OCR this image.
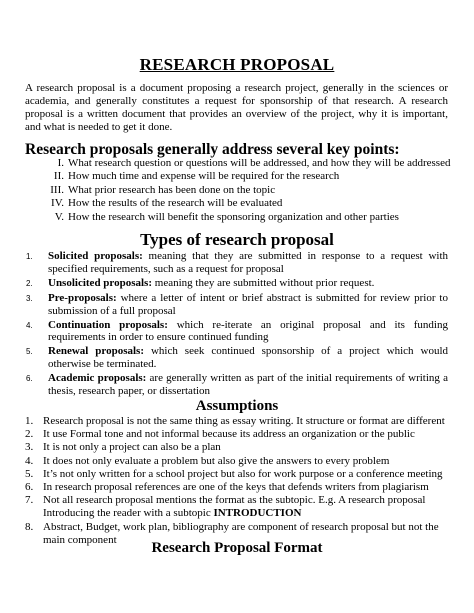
RESEARCH PROPOSAL

A research proposal is a document proposing a research project, generally in the sciences or academia, and generally constitutes a request for sponsorship of that research. A research proposal is a written document that provides an overview of the project, why it is important, and what is needed to get it done.

Research proposals generally address several key points:
I. What research question or questions will be addressed, and how they will be addressed
II. How much time and expense will be required for the research
III. What prior research has been done on the topic
IV. How the results of the research will be evaluated
V. How the research will benefit the sponsoring organization and other parties
Types of research proposal
1.	Solicited proposals: meaning that they are submitted in response to a request with specified requirements, such as a request for proposal
2.	Unsolicited proposals: meaning they are submitted without prior request.
3.	Pre-proposals: where a letter of intent or brief abstract is submitted for review prior to submission of a full proposal
4.	Continuation proposals: which re-iterate an original proposal and its funding requirements in order to ensure continued funding
5.	Renewal proposals: which seek continued sponsorship of a project which would otherwise be terminated.
6.	Academic proposals: are generally written as part of the initial requirements of writing a thesis, research paper, or dissertation
Assumptions
1. Research proposal is not the same thing as essay writing. It structure or format are different
2. It use Formal tone and not informal because its address an organization or the public
3. It is not only a project can also be a plan
4. It does not only evaluate a problem but also give the answers to every problem
5. It’s not only written for a school project but also for work purpose or a conference meeting
6. In research proposal references are one of the keys that defends writers from plagiarism
7. Not all research proposal mentions the format as the subtopic. E.g. A research proposal Introducing the reader with a subtopic INTRODUCTION
8. Abstract, Budget, work plan, bibliography are component of research proposal but not the main component
Research Proposal Format
